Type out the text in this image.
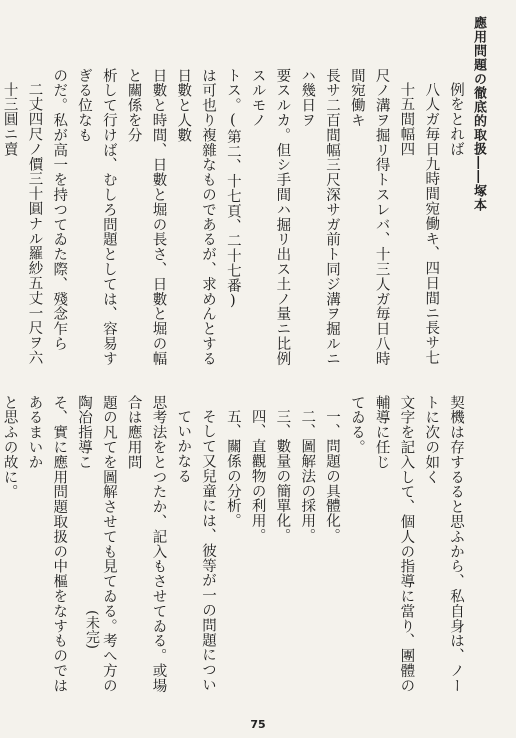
應用問題の徹底的取扱――塚本
例をとれば
八人ガ毎日九時間宛働キ、四日間ニ長サ七十五間幅四
尺ノ溝ヲ掘リ得トスレバ、十三人ガ毎日八時間宛働キ
長サ二百間幅三尺深サガ前ト同ジ溝ヲ掘ルニハ幾日ヲ
要スルカ。但シ手間ハ掘リ出ス土ノ量ニ比例スルモノ
トス。(第二、十七頁、二十七番)
は可也り複雜なものであるが、求めんとする日數と人數
日數と時間、日數と堀の長さ、日數と堀の幅と關係を分
析して行けば、むしろ問題としては、容易すぎる位なも
のだ。私が高一を持つてゐた際、殘念乍ら
二丈四尺ノ價三十圓ナル羅紗五丈一尺ヲ六十三圓ニ賣
契機は存するると思ふから、私自身は、ノートに次の如く
文字を記入して、個人の指導に當り、團體の輔導に任じ
てゐる。
一、問題の具體化。
二、圖解法の採用。
三、數量の簡單化。
四、直觀物の利用。
五、關係の分析。
そして又兒童には、彼等が一の問題についていかなる
思考法をとつたか、記入もさせてゐる。或場合は應用問
題の凡てを圖解させても見てゐる。考へ方の陶冶指導こ
そ、實に應用問題取扱の中樞をなすものではあるまいか
と思ふの故に。
(未完)
75
